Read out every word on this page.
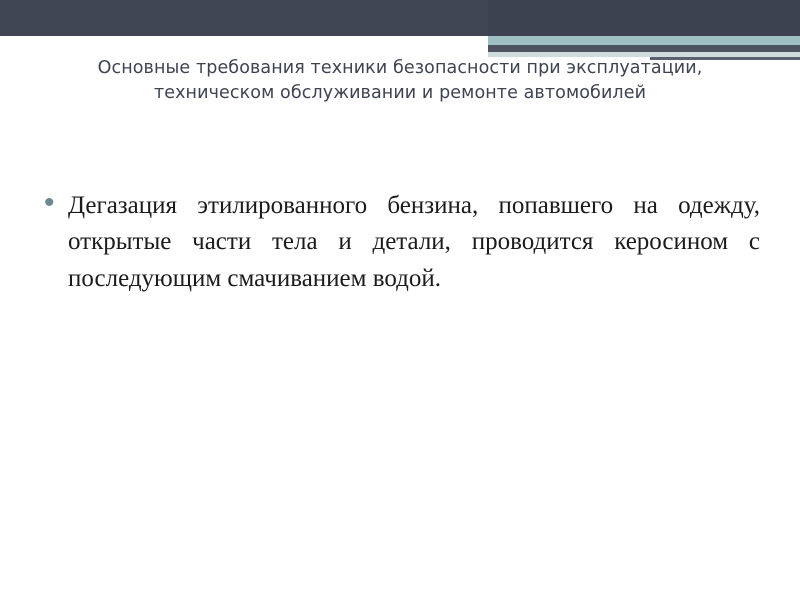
Основные требования техники безопасности при эксплуатации, техническом обслуживании и ремонте автомобилей
• Дегазация этилированного бензина, попавшего на одежду, открытые части тела и детали, проводится керосином с последующим смачиванием водой.
